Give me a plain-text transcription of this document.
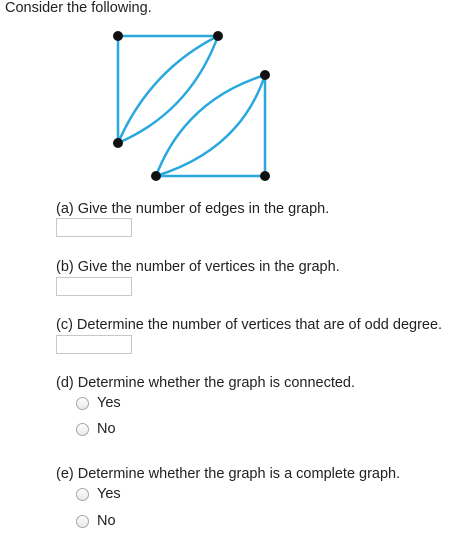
Consider the following.
(a) Give the number of edges in the graph.
(b) Give the number of vertices in the graph.
(c) Determine the number of vertices that are of odd degree.
(d) Determine whether the graph is connected.
Yes
No
(e) Determine whether the graph is a complete graph.
Yes
No
